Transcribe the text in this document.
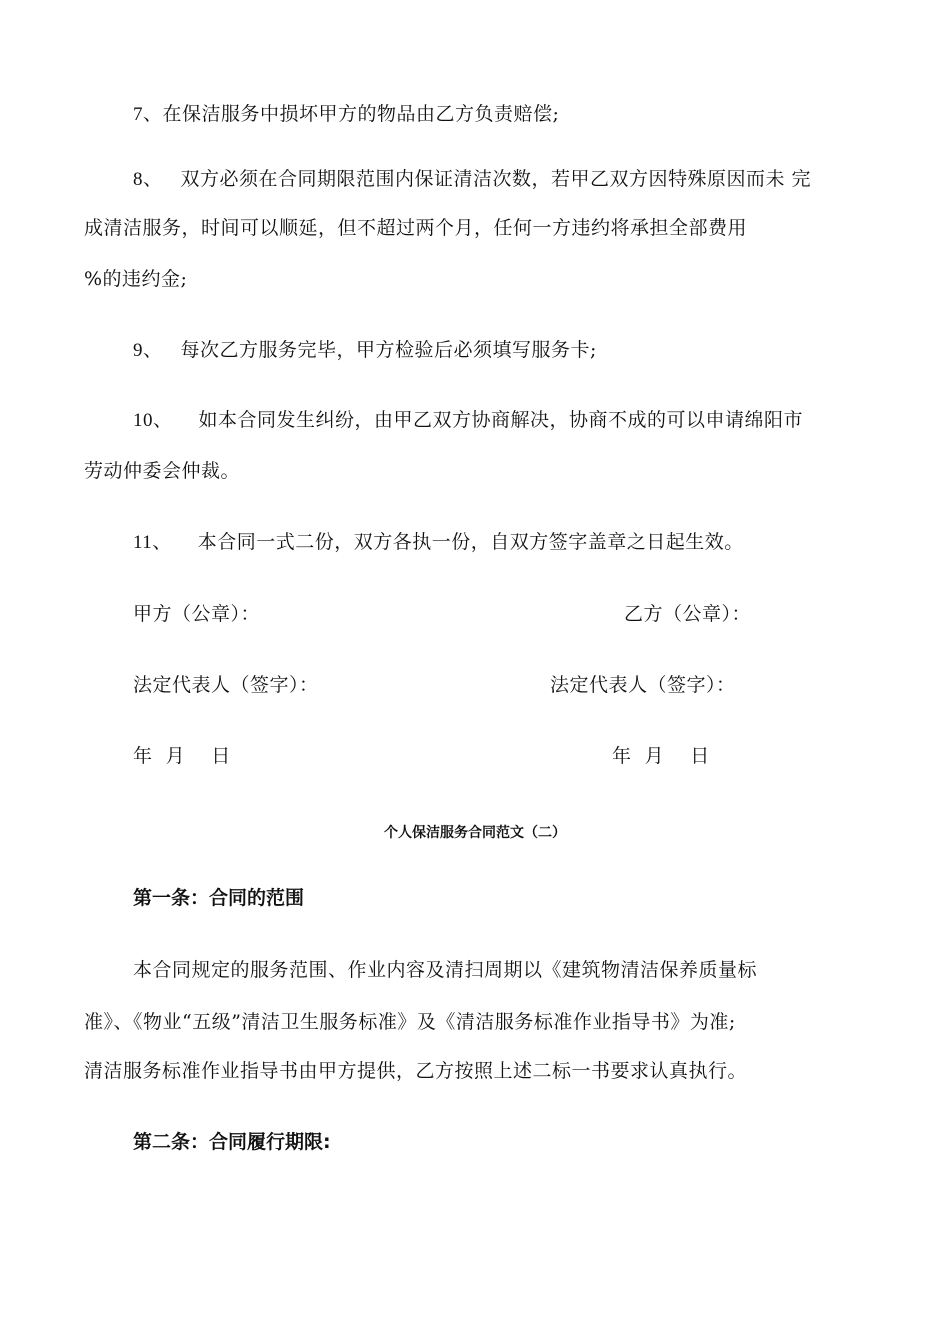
7、在保洁服务中损坏甲方的物品由乙方负责赔偿;
8、 双方必须在合同期限范围内保证清洁次数，若甲乙双方因特殊原因而未 完
成清洁服务，时间可以顺延，但不超过两个月，任何一方违约将承担全部费用
%的违约金;
9、 每次乙方服务完毕，甲方检验后必须填写服务卡;
10、 如本合同发生纠纷，由甲乙双方协商解决，协商不成的可以申请绵阳市
劳动仲委会仲裁。
11、 本合同一式二份，双方各执一份，自双方签字盖章之日起生效。
甲方（公章）：	乙方（公章）：
法定代表人（签字）：	法定代表人（签字）：
年  月    日	年  月    日
个人保洁服务合同范文（二）
第一条：合同的范围
本合同规定的服务范围、作业内容及清扫周期以《建筑物清洁保养质量标
准》、《物业“五级”清洁卫生服务标准》及《清洁服务标准作业指导书》为准;
清洁服务标准作业指导书由甲方提供，乙方按照上述二标一书要求认真执行。
第二条：合同履行期限:
